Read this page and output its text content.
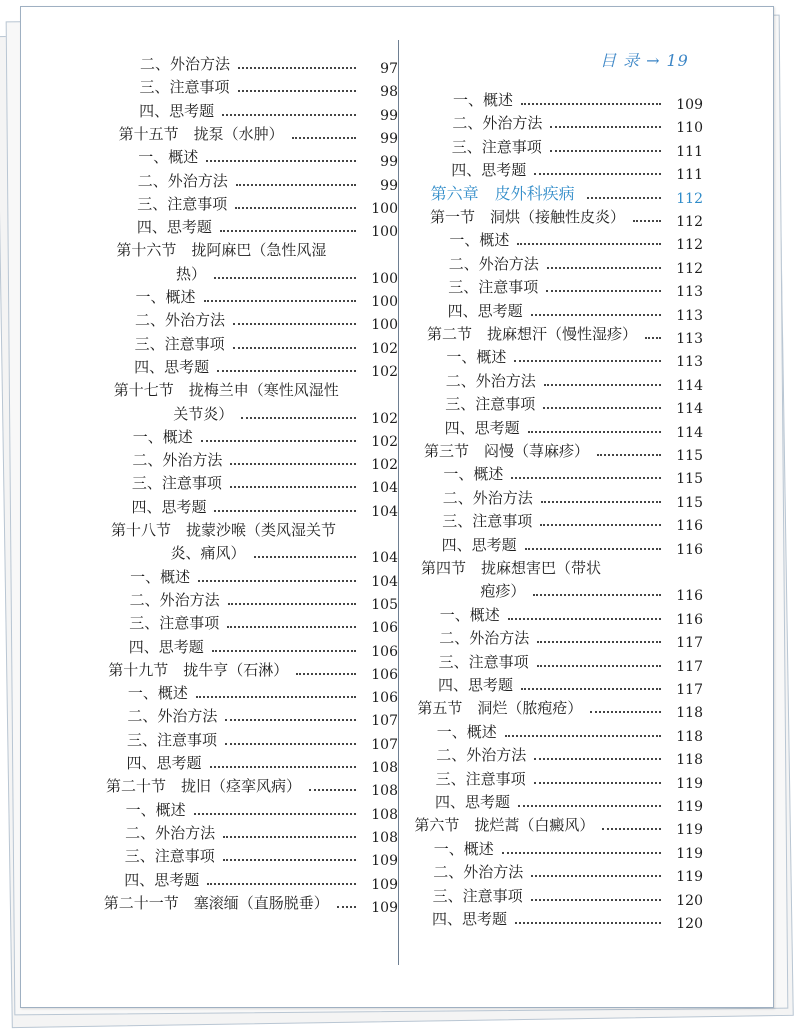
目 录 → 19
二、外治方法	97
三、注意事项	98
四、思考题	99
第十五节　拢泵（水肿）	99
一、概述	99
二、外治方法	99
三、注意事项	100
四、思考题	100
第十六节　拢阿麻巴（急性风湿
热）	100
一、概述	100
二、外治方法	100
三、注意事项	102
四、思考题	102
第十七节　拢梅兰申（寒性风湿性
关节炎）	102
一、概述	102
二、外治方法	102
三、注意事项	104
四、思考题	104
第十八节　拢蒙沙喉（类风湿关节
炎、痛风）	104
一、概述	104
二、外治方法	105
三、注意事项	106
四、思考题	106
第十九节　拢牛亨（石淋）	106
一、概述	106
二、外治方法	107
三、注意事项	107
四、思考题	108
第二十节　拢旧（痉挛风病）	108
一、概述	108
二、外治方法	108
三、注意事项	109
四、思考题	109
第二十一节　塞滚缅（直肠脱垂）	109
一、概述	109
二、外治方法	110
三、注意事项	111
四、思考题	111
第六章　皮外科疾病	112
第一节　洞烘（接触性皮炎）	112
一、概述	112
二、外治方法	112
三、注意事项	113
四、思考题	113
第二节　拢麻想汗（慢性湿疹）	113
一、概述	113
二、外治方法	114
三、注意事项	114
四、思考题	114
第三节　闷慢（荨麻疹）	115
一、概述	115
二、外治方法	115
三、注意事项	116
四、思考题	116
第四节　拢麻想害巴（带状
疱疹）	116
一、概述	116
二、外治方法	117
三、注意事项	117
四、思考题	117
第五节　洞烂（脓疱疮）	118
一、概述	118
二、外治方法	118
三、注意事项	119
四、思考题	119
第六节　拢烂蒿（白癜风）	119
一、概述	119
二、外治方法	119
三、注意事项	120
四、思考题	120
